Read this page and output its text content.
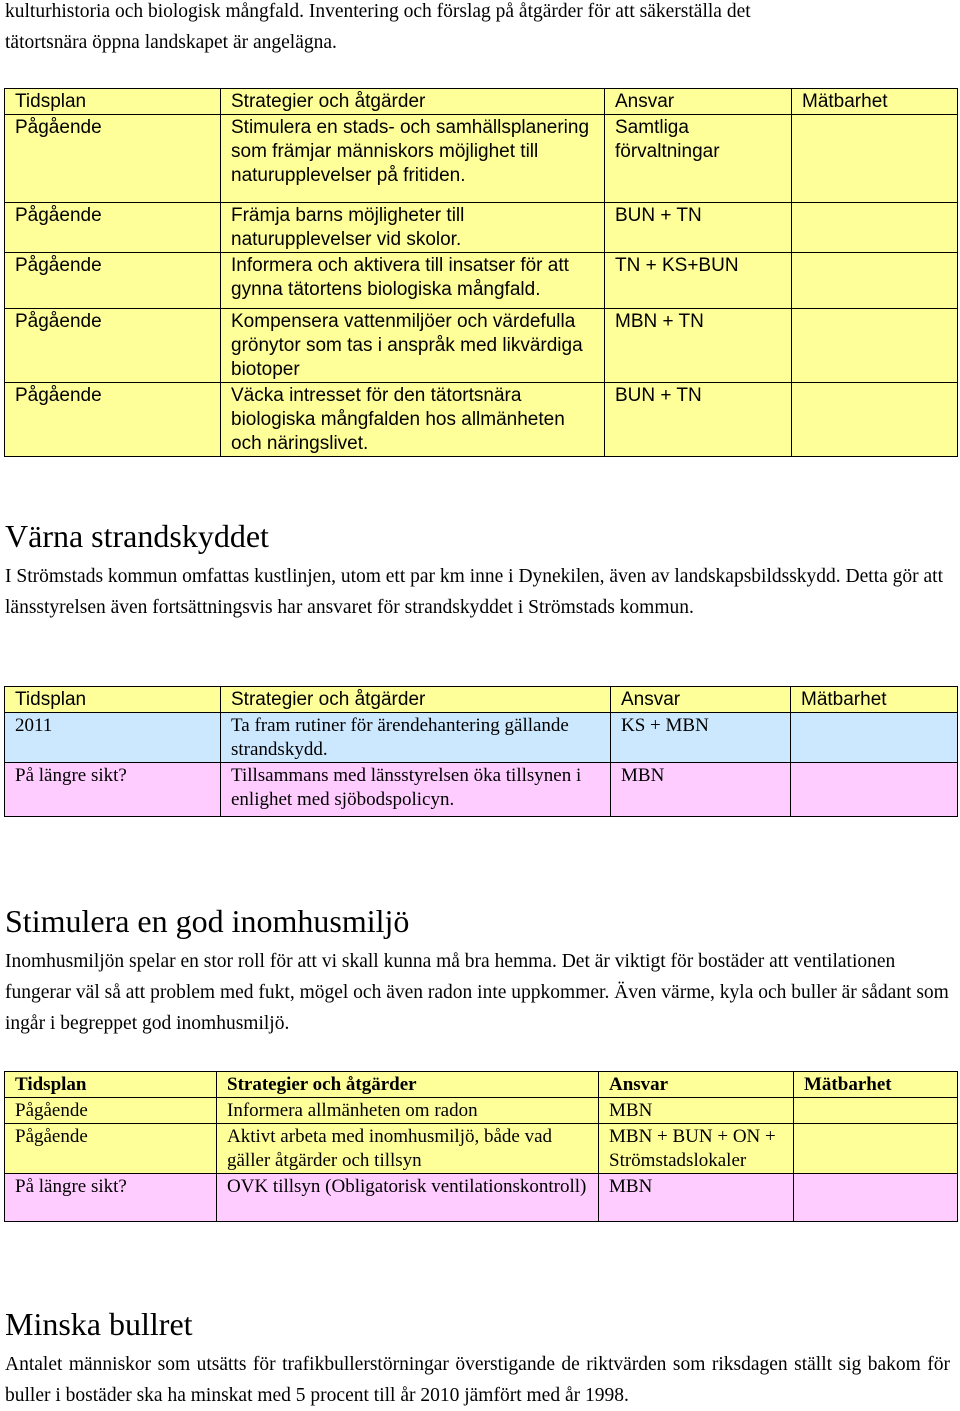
kulturhistoria och biologisk mångfald. Inventering och förslag på åtgärder för att säkerställa det

tätortsnära öppna landskapet är angelägna.

Tidsplan	Strategier och åtgärder	Ansvar	Mätbarhet
Pågående	Stimulera en stads- och samhällsplanering som främjar människors möjlighet till naturupplevelser på fritiden.	Samtliga förvaltningar	
Pågående	Främja barns möjligheter till naturupplevelser vid skolor.	BUN + TN	
Pågående	Informera och aktivera till insatser för att gynna tätortens biologiska mångfald.	TN + KS+BUN	
Pågående	Kompensera vattenmiljöer och värdefulla grönytor som tas i anspråk med likvärdiga biotoper	MBN + TN	
Pågående	Väcka intresset för den tätortsnära biologiska mångfalden hos allmänheten och näringslivet.	BUN + TN	
Värna strandskyddet

I Strömstads kommun omfattas kustlinjen, utom ett par km inne i Dynekilen, även av landskapsbildsskydd. Detta gör att länsstyrelsen även fortsättningsvis har ansvaret för strandskyddet i Strömstads kommun.

Tidsplan	Strategier och åtgärder	Ansvar	Mätbarhet
2011	Ta fram rutiner för ärendehantering gällande strandskydd.	KS + MBN	
På längre sikt?	Tillsammans med länsstyrelsen öka tillsynen i enlighet med sjöbodspolicyn.	MBN	
Stimulera en god inomhusmiljö

Inomhusmiljön spelar en stor roll för att vi skall kunna må bra hemma. Det är viktigt för bostäder att ventilationen fungerar väl så att problem med fukt, mögel och även radon inte uppkommer. Även värme, kyla och buller är sådant som ingår i begreppet god inomhusmiljö.

Tidsplan	Strategier och åtgärder	Ansvar	Mätbarhet
Pågående	Informera allmänheten om radon	MBN	
Pågående	Aktivt arbeta med inomhusmiljö, både vad gäller åtgärder och tillsyn	MBN + BUN + ON + Strömstadslokaler	
På längre sikt?	OVK tillsyn (Obligatorisk ventilationskontroll)	MBN	
Minska bullret

Antalet människor som utsätts för trafikbullerstörningar överstigande de riktvärden som riksdagen ställt sig bakom för buller i bostäder ska ha minskat med 5 procent till år 2010 jämfört med år 1998.
